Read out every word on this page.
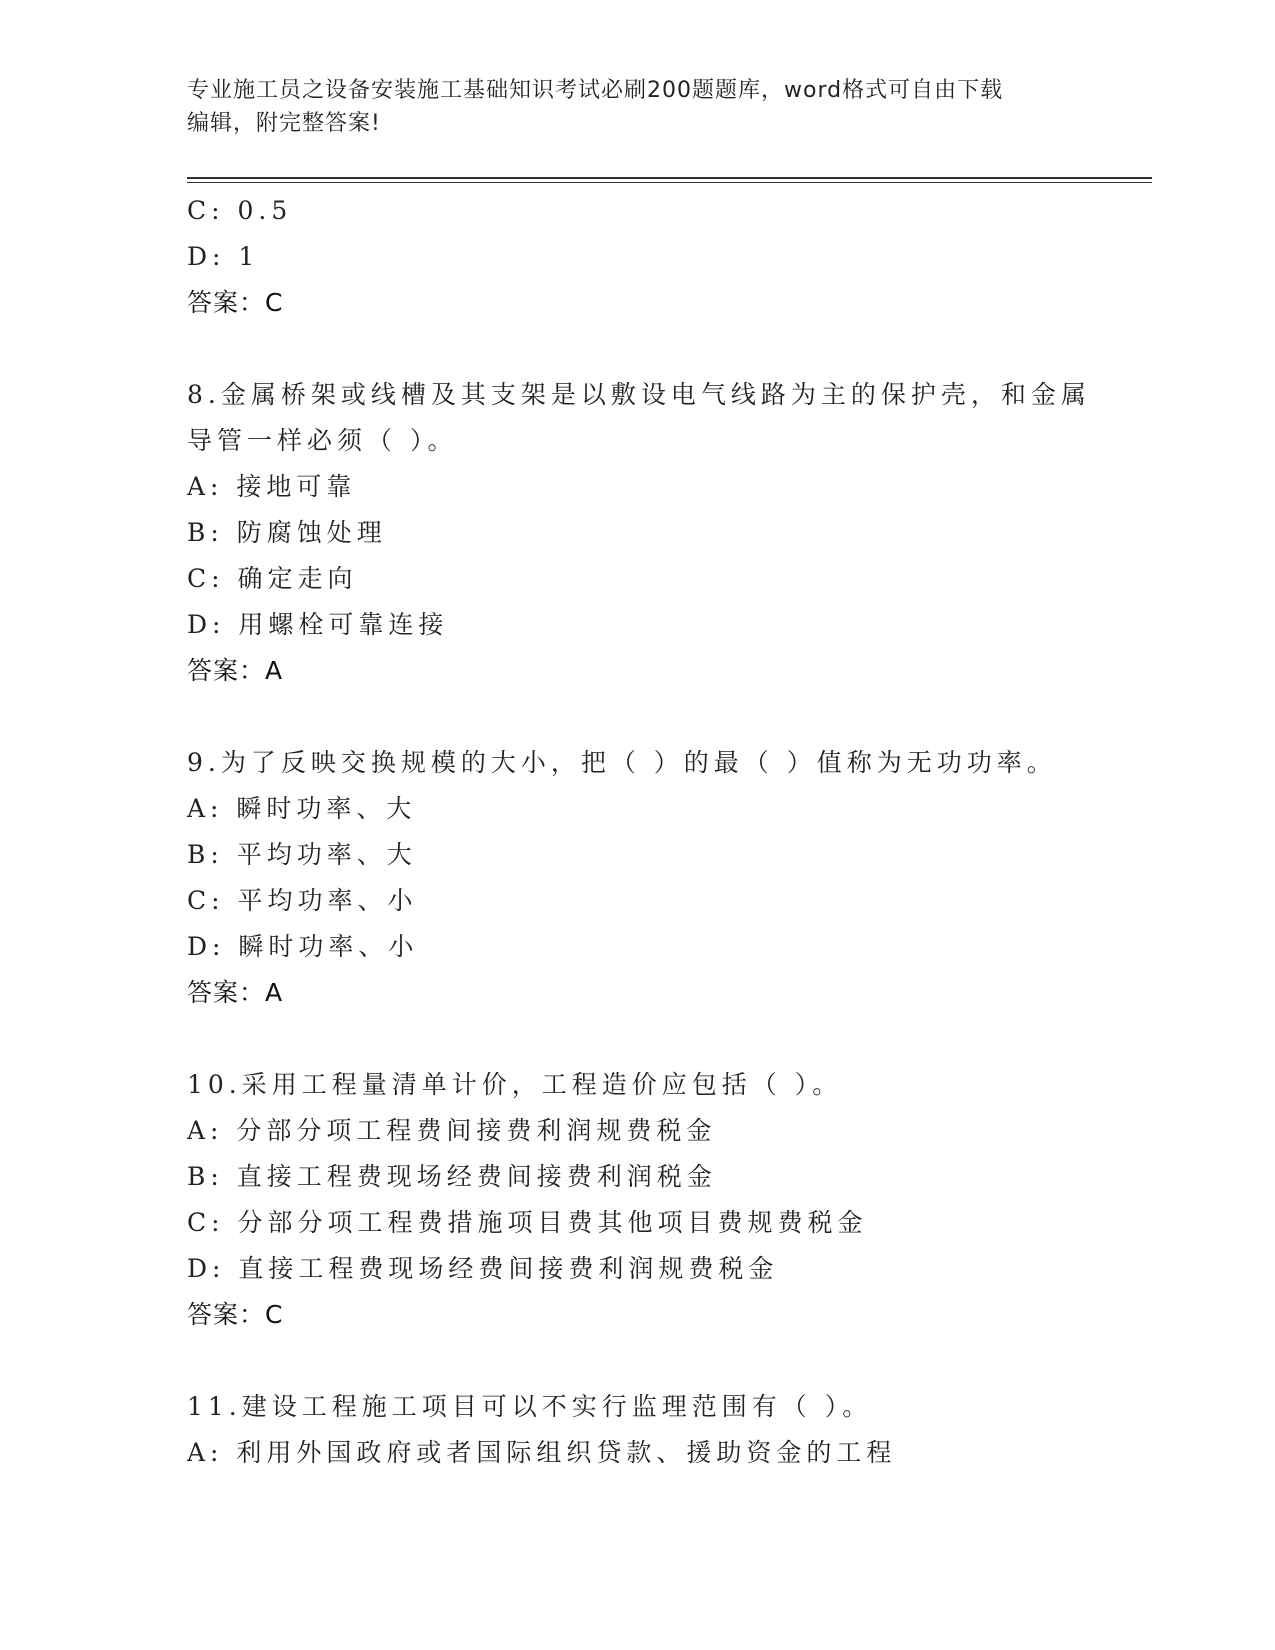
专业施工员之设备安装施工基础知识考试必刷200题题库，word格式可自由下载
编辑，附完整答案!
C: 0.5
D: 1
答案：C
8.金属桥架或线槽及其支架是以敷设电气线路为主的保护壳，和金属
导管一样必须（ ）。
A: 接地可靠
B: 防腐蚀处理
C: 确定走向
D: 用螺栓可靠连接
答案：A
9.为了反映交换规模的大小，把（ ）的最（ ）值称为无功功率。
A: 瞬时功率、大
B: 平均功率、大
C: 平均功率、小
D: 瞬时功率、小
答案：A
10.采用工程量清单计价，工程造价应包括（ ）。
A: 分部分项工程费间接费利润规费税金
B: 直接工程费现场经费间接费利润税金
C: 分部分项工程费措施项目费其他项目费规费税金
D: 直接工程费现场经费间接费利润规费税金
答案：C
11.建设工程施工项目可以不实行监理范围有（ ）。
A: 利用外国政府或者国际组织贷款、援助资金的工程
